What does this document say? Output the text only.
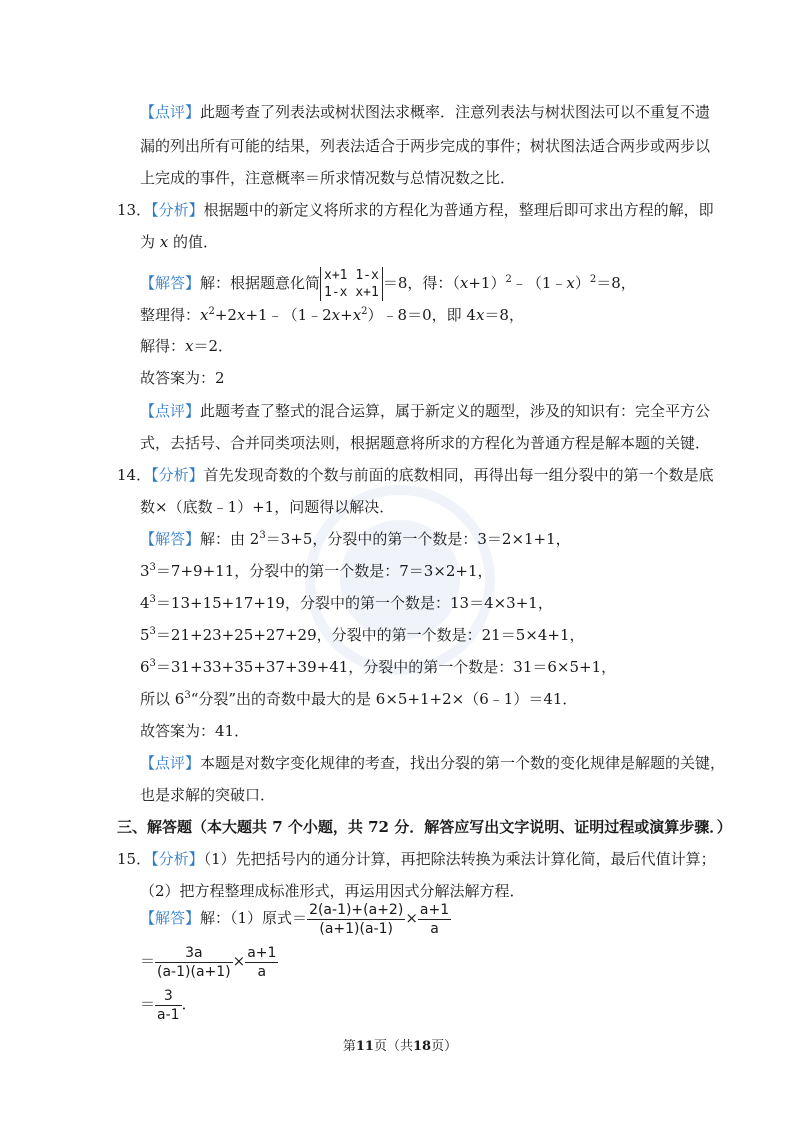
【点评】此题考查了列表法或树状图法求概率．注意列表法与树状图法可以不重复不遗
漏的列出所有可能的结果，列表法适合于两步完成的事件；树状图法适合两步或两步以
上完成的事件，注意概率＝所求情况数与总情况数之比．
13．【分析】根据题中的新定义将所求的方程化为普通方程，整理后即可求出方程的解，即
为 x 的值．
【解答】解：根据题意化简 x+1 1-x
1-x x+1
＝8，得：$(x+1)^2﹣(1﹣x)^2=8$，
整理得：$x^2+2x+1﹣(1﹣2x+x^2)﹣8=0$，即 4x＝8，
解得：x＝2．
故答案为：2
【点评】此题考查了整式的混合运算，属于新定义的题型，涉及的知识有：完全平方公
式，去括号、合并同类项法则，根据题意将所求的方程化为普通方程是解本题的关键．
14．【分析】首先发现奇数的个数与前面的底数相同，再得出每一组分裂中的第一个数是底
数×（底数﹣1）+1，问题得以解决．
【解答】解：由 $2^3=3+5$，分裂中的第一个数是：3＝2×1+1，
$3^3=7+9+11$，分裂中的第一个数是：7＝3×2+1，
$4^3=13+15+17+19$，分裂中的第一个数是：13＝4×3+1，
$5^3=21+23+25+27+29$，分裂中的第一个数是：21＝5×4+1，
$6^3=31+33+35+37+39+41$，分裂中的第一个数是：31＝6×5+1，
所以 $6^3“$分裂”出的奇数中最大的是 6×5+1+2×（6﹣1）＝41．
故答案为：41．
【点评】本题是对数字变化规律的考查，找出分裂的第一个数的变化规律是解题的关键，
也是求解的突破口．
三、解答题（本大题共 7 个小题，共 72 分．解答应写出文字说明、证明过程或演算步骤．）
15．【分析】（1）先把括号内的通分计算，再把除法转换为乘法计算化简，最后代值计算；
（2）把方程整理成标准形式，再运用因式分解法解方程．
【解答】解：（1）原式＝ $\frac{2(a-1)+(a+2)}{(a+1)(a-1)} \times \frac{a+1}{a}$
＝ $\frac{3a}{(a-1)(a+1)} \times \frac{a+1}{a}$
＝ $\frac{3}{a-1}$ ．
第11页（共18页）
